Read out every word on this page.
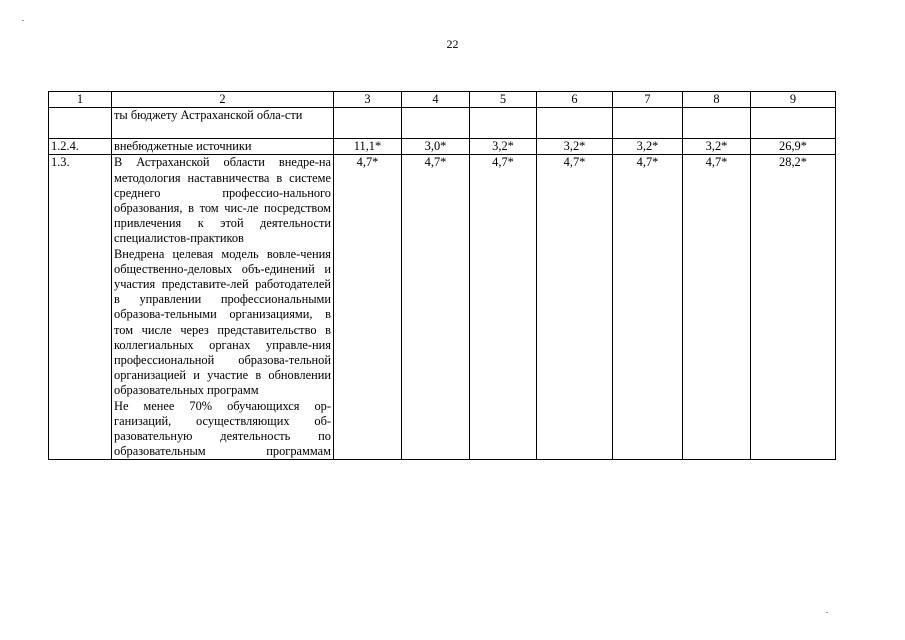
22
1	2	3	4	5	6	7	8	9

	ты бюджету Астраханской обла-сти							

1.2.4.	внебюджетные источники	11,1*	3,0*	3,2*	3,2*	3,2*	3,2*	26,9*
1.3.	В Астраханской области внедре-на методология наставничества в системе среднего профессио-нального образования, в том чис-ле посредством привлечения к этой деятельности специалистов-практиков

Внедрена целевая модель вовле-чения общественно-деловых объ-единений и участия представите-лей работодателей в управлении профессиональными образова-тельными организациями, в том числе через представительство в коллегиальных органах управле-ния профессиональной образова-тельной организацией и участие в обновлении образовательных программ

Не менее 70% обучающихся ор-ганизаций, осуществляющих об-разовательную деятельность по образовательным программам	4,7*	4,7*	4,7*	4,7*	4,7*	4,7*	28,2*
